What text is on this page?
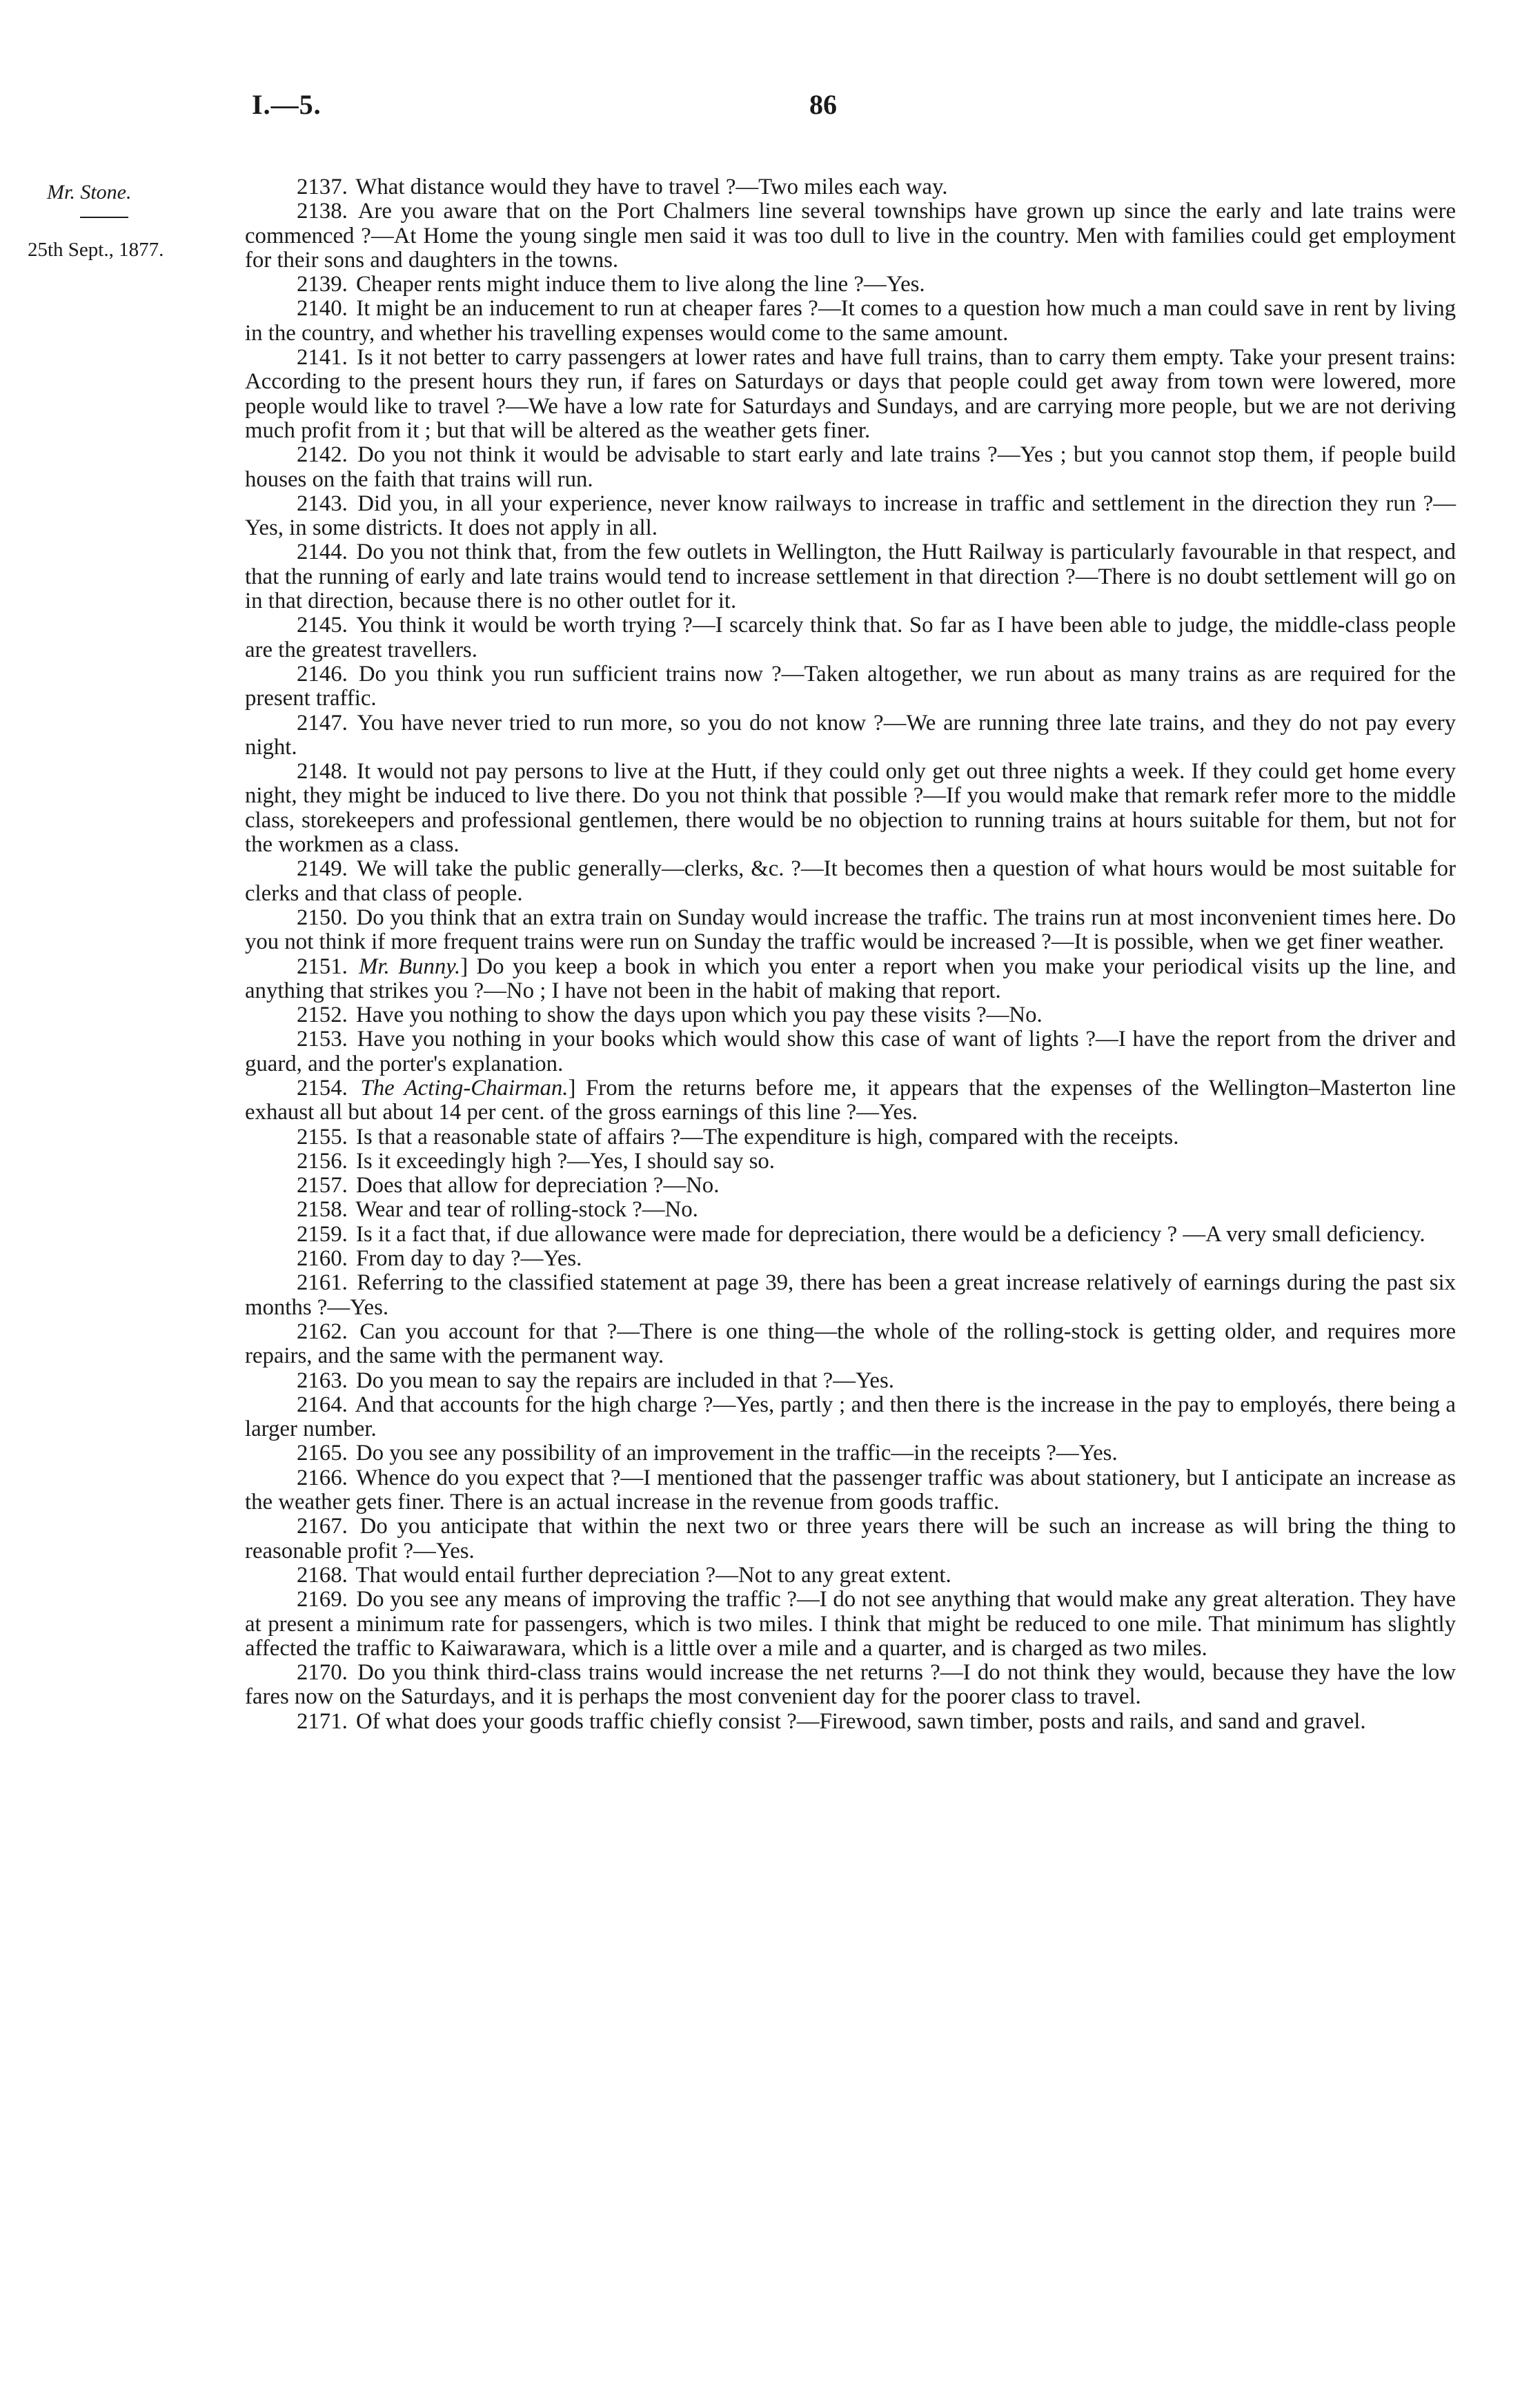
I.—5.	86
Mr. Stone.
25th Sept., 1877.

2137. What distance would they have to travel ?—Two miles each way.

2138. Are you aware that on the Port Chalmers line several townships have grown up since the early and late trains were commenced ?—At Home the young single men said it was too dull to live in the country. Men with families could get employment for their sons and daughters in the towns.

2139. Cheaper rents might induce them to live along the line ?—Yes.

2140. It might be an inducement to run at cheaper fares ?—It comes to a question how much a man could save in rent by living in the country, and whether his travelling expenses would come to the same amount.

2141. Is it not better to carry passengers at lower rates and have full trains, than to carry them empty. Take your present trains: According to the present hours they run, if fares on Saturdays or days that people could get away from town were lowered, more people would like to travel ?—We have a low rate for Saturdays and Sundays, and are carrying more people, but we are not deriving much profit from it ; but that will be altered as the weather gets finer.

2142. Do you not think it would be advisable to start early and late trains ?—Yes ; but you cannot stop them, if people build houses on the faith that trains will run.

2143. Did you, in all your experience, never know railways to increase in traffic and settlement in the direction they run ?—Yes, in some districts. It does not apply in all.

2144. Do you not think that, from the few outlets in Wellington, the Hutt Railway is particularly favourable in that respect, and that the running of early and late trains would tend to increase settlement in that direction ?—There is no doubt settlement will go on in that direction, because there is no other outlet for it.

2145. You think it would be worth trying ?—I scarcely think that. So far as I have been able to judge, the middle-class people are the greatest travellers.

2146. Do you think you run sufficient trains now ?—Taken altogether, we run about as many trains as are required for the present traffic.

2147. You have never tried to run more, so you do not know ?—We are running three late trains, and they do not pay every night.

2148. It would not pay persons to live at the Hutt, if they could only get out three nights a week. If they could get home every night, they might be induced to live there. Do you not think that possible ?—If you would make that remark refer more to the middle class, storekeepers and professional gentlemen, there would be no objection to running trains at hours suitable for them, but not for the workmen as a class.

2149. We will take the public generally—clerks, &c. ?—It becomes then a question of what hours would be most suitable for clerks and that class of people.

2150. Do you think that an extra train on Sunday would increase the traffic. The trains run at most inconvenient times here. Do you not think if more frequent trains were run on Sunday the traffic would be increased ?—It is possible, when we get finer weather.

2151. Mr. Bunny.] Do you keep a book in which you enter a report when you make your periodical visits up the line, and anything that strikes you ?—No ; I have not been in the habit of making that report.

2152. Have you nothing to show the days upon which you pay these visits ?—No.

2153. Have you nothing in your books which would show this case of want of lights ?—I have the report from the driver and guard, and the porter's explanation.

2154. The Acting-Chairman.] From the returns before me, it appears that the expenses of the Wellington–Masterton line exhaust all but about 14 per cent. of the gross earnings of this line ?—Yes.

2155. Is that a reasonable state of affairs ?—The expenditure is high, compared with the receipts.

2156. Is it exceedingly high ?—Yes, I should say so.

2157. Does that allow for depreciation ?—No.

2158. Wear and tear of rolling-stock ?—No.

2159. Is it a fact that, if due allowance were made for depreciation, there would be a deficiency ? —A very small deficiency.

2160. From day to day ?—Yes.

2161. Referring to the classified statement at page 39, there has been a great increase relatively of earnings during the past six months ?—Yes.

2162. Can you account for that ?—There is one thing—the whole of the rolling-stock is getting older, and requires more repairs, and the same with the permanent way.

2163. Do you mean to say the repairs are included in that ?—Yes.

2164. And that accounts for the high charge ?—Yes, partly ; and then there is the increase in the pay to employés, there being a larger number.

2165. Do you see any possibility of an improvement in the traffic—in the receipts ?—Yes.

2166. Whence do you expect that ?—I mentioned that the passenger traffic was about stationery, but I anticipate an increase as the weather gets finer. There is an actual increase in the revenue from goods traffic.

2167. Do you anticipate that within the next two or three years there will be such an increase as will bring the thing to reasonable profit ?—Yes.

2168. That would entail further depreciation ?—Not to any great extent.

2169. Do you see any means of improving the traffic ?—I do not see anything that would make any great alteration. They have at present a minimum rate for passengers, which is two miles. I think that might be reduced to one mile. That minimum has slightly affected the traffic to Kaiwarawara, which is a little over a mile and a quarter, and is charged as two miles.

2170. Do you think third-class trains would increase the net returns ?—I do not think they would, because they have the low fares now on the Saturdays, and it is perhaps the most convenient day for the poorer class to travel.

2171. Of what does your goods traffic chiefly consist ?—Firewood, sawn timber, posts and rails, and sand and gravel.
